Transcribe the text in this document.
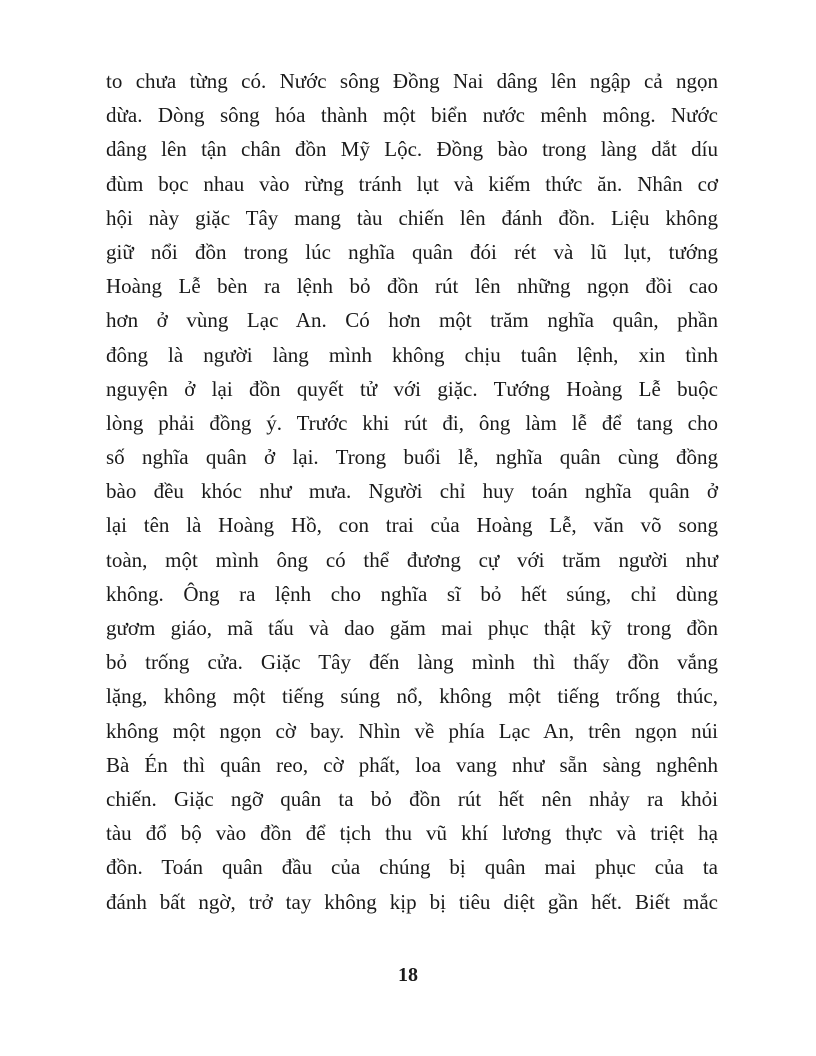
to chưa từng có. Nước sông Đồng Nai dâng lên ngập cả ngọn
dừa. Dòng sông hóa thành một biển nước mênh mông. Nước
dâng lên tận chân đồn Mỹ Lộc. Đồng bào trong làng dắt díu
đùm bọc nhau vào rừng tránh lụt và kiếm thức ăn. Nhân cơ
hội này giặc Tây mang tàu chiến lên đánh đồn. Liệu không
giữ nổi đồn trong lúc nghĩa quân đói rét và lũ lụt, tướng
Hoàng Lễ bèn ra lệnh bỏ đồn rút lên những ngọn đồi cao
hơn ở vùng Lạc An. Có hơn một trăm nghĩa quân, phần
đông là người làng mình không chịu tuân lệnh, xin tình
nguyện ở lại đồn quyết tử với giặc. Tướng Hoàng Lễ buộc
lòng phải đồng ý. Trước khi rút đi, ông làm lễ để tang cho
số nghĩa quân ở lại. Trong buổi lễ, nghĩa quân cùng đồng
bào đều khóc như mưa. Người chỉ huy toán nghĩa quân ở
lại tên là Hoàng Hồ, con trai của Hoàng Lễ, văn võ song
toàn, một mình ông có thể đương cự với trăm người như
không. Ông ra lệnh cho nghĩa sĩ bỏ hết súng, chỉ dùng
gươm giáo, mã tấu và dao găm mai phục thật kỹ trong đồn
bỏ trống cửa. Giặc Tây đến làng mình thì thấy đồn vắng
lặng, không một tiếng súng nổ, không một tiếng trống thúc,
không một ngọn cờ bay. Nhìn về phía Lạc An, trên ngọn núi
Bà Én thì quân reo, cờ phất, loa vang như sẵn sàng nghênh
chiến. Giặc ngỡ quân ta bỏ đồn rút hết nên nhảy ra khỏi
tàu đổ bộ vào đồn để tịch thu vũ khí lương thực và triệt hạ
đồn. Toán quân đầu của chúng bị quân mai phục của ta
đánh bất ngờ, trở tay không kịp bị tiêu diệt gần hết. Biết mắc
18
